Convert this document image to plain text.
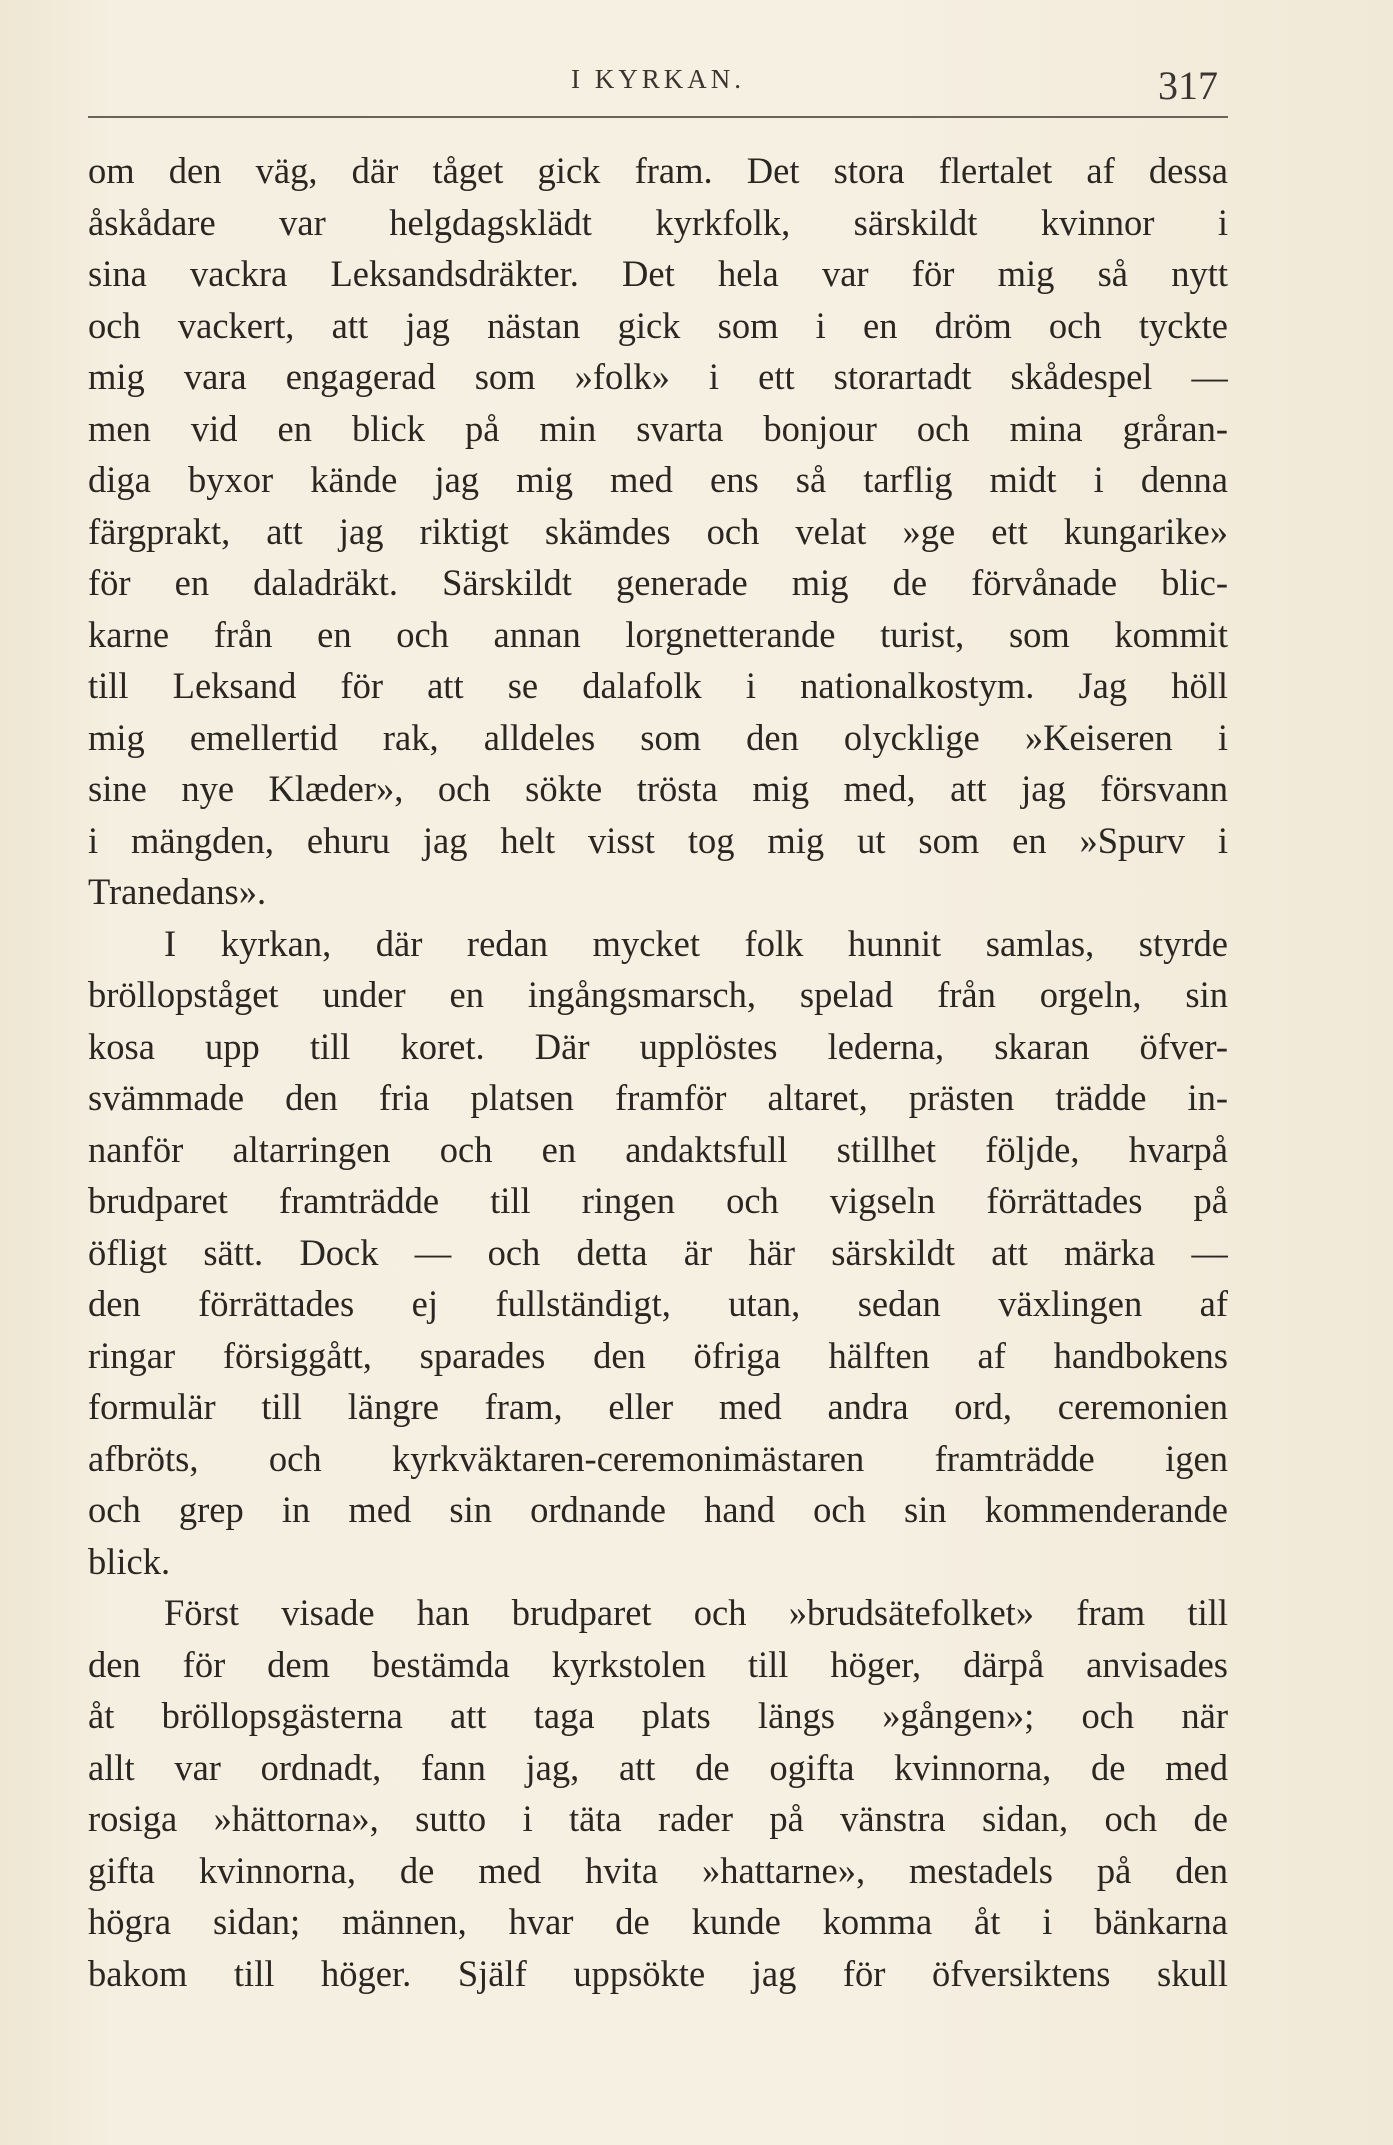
I KYRKAN.	317
om den väg, där tåget gick fram. Det stora flertalet af dessa
åskådare var helgdagsklädt kyrkfolk, särskildt kvinnor i
sina vackra Leksandsdräkter. Det hela var för mig så nytt
och vackert, att jag nästan gick som i en dröm och tyckte
mig vara engagerad som »folk» i ett storartadt skådespel —
men vid en blick på min svarta bonjour och mina gråran-
diga byxor kände jag mig med ens så tarflig midt i denna
färgprakt, att jag riktigt skämdes och velat »ge ett kungarike»
för en daladräkt. Särskildt generade mig de förvånade blic-
karne från en och annan lorgnetterande turist, som kommit
till Leksand för att se dalafolk i nationalkostym. Jag höll
mig emellertid rak, alldeles som den olycklige »Keiseren i
sine nye Klæder», och sökte trösta mig med, att jag försvann
i mängden, ehuru jag helt visst tog mig ut som en »Spurv i
Tranedans».
I kyrkan, där redan mycket folk hunnit samlas, styrde
bröllopståget under en ingångsmarsch, spelad från orgeln, sin
kosa upp till koret. Där upplöstes lederna, skaran öfver-
svämmade den fria platsen framför altaret, prästen trädde in-
nanför altarringen och en andaktsfull stillhet följde, hvarpå
brudparet framträdde till ringen och vigseln förrättades på
öfligt sätt. Dock — och detta är här särskildt att märka —
den förrättades ej fullständigt, utan, sedan växlingen af
ringar försiggått, sparades den öfriga hälften af handbokens
formulär till längre fram, eller med andra ord, ceremonien
afbröts, och kyrkväktaren-ceremonimästaren framträdde igen
och grep in med sin ordnande hand och sin kommenderande
blick.
Först visade han brudparet och »brudsätefolket» fram till
den för dem bestämda kyrkstolen till höger, därpå anvisades
åt bröllopsgästerna att taga plats längs »gången»; och när
allt var ordnadt, fann jag, att de ogifta kvinnorna, de med
rosiga »hättorna», sutto i täta rader på vänstra sidan, och de
gifta kvinnorna, de med hvita »hattarne», mestadels på den
högra sidan; männen, hvar de kunde komma åt i bänkarna
bakom till höger. Själf uppsökte jag för öfversiktens skull
